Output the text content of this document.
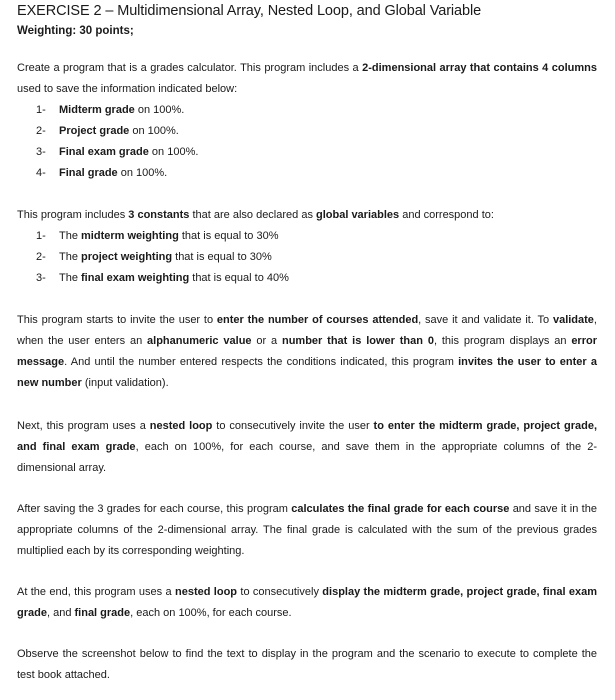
EXERCISE 2 – Multidimensional Array, Nested Loop, and Global Variable
Weighting: 30 points;

Create a program that is a grades calculator. This program includes a 2-dimensional array that contains 4 columns used to save the information indicated below:

1- Midterm grade on 100%.
2- Project grade on 100%.
3- Final exam grade on 100%.
4- Final grade on 100%.

This program includes 3 constants that are also declared as global variables and correspond to:

1- The midterm weighting that is equal to 30%
2- The project weighting that is equal to 30%
3- The final exam weighting that is equal to 40%

This program starts to invite the user to enter the number of courses attended, save it and validate it. To validate, when the user enters an alphanumeric value or a number that is lower than 0, this program displays an error message. And until the number entered respects the conditions indicated, this program invites the user to enter a new number (input validation).

Next, this program uses a nested loop to consecutively invite the user to enter the midterm grade, project grade, and final exam grade, each on 100%, for each course, and save them in the appropriate columns of the 2-dimensional array.

After saving the 3 grades for each course, this program calculates the final grade for each course and save it in the appropriate columns of the 2-dimensional array. The final grade is calculated with the sum of the previous grades multiplied each by its corresponding weighting.

At the end, this program uses a nested loop to consecutively display the midterm grade, project grade, final exam grade, and final grade, each on 100%, for each course.

Observe the screenshot below to find the text to display in the program and the scenario to execute to complete the test book attached.
